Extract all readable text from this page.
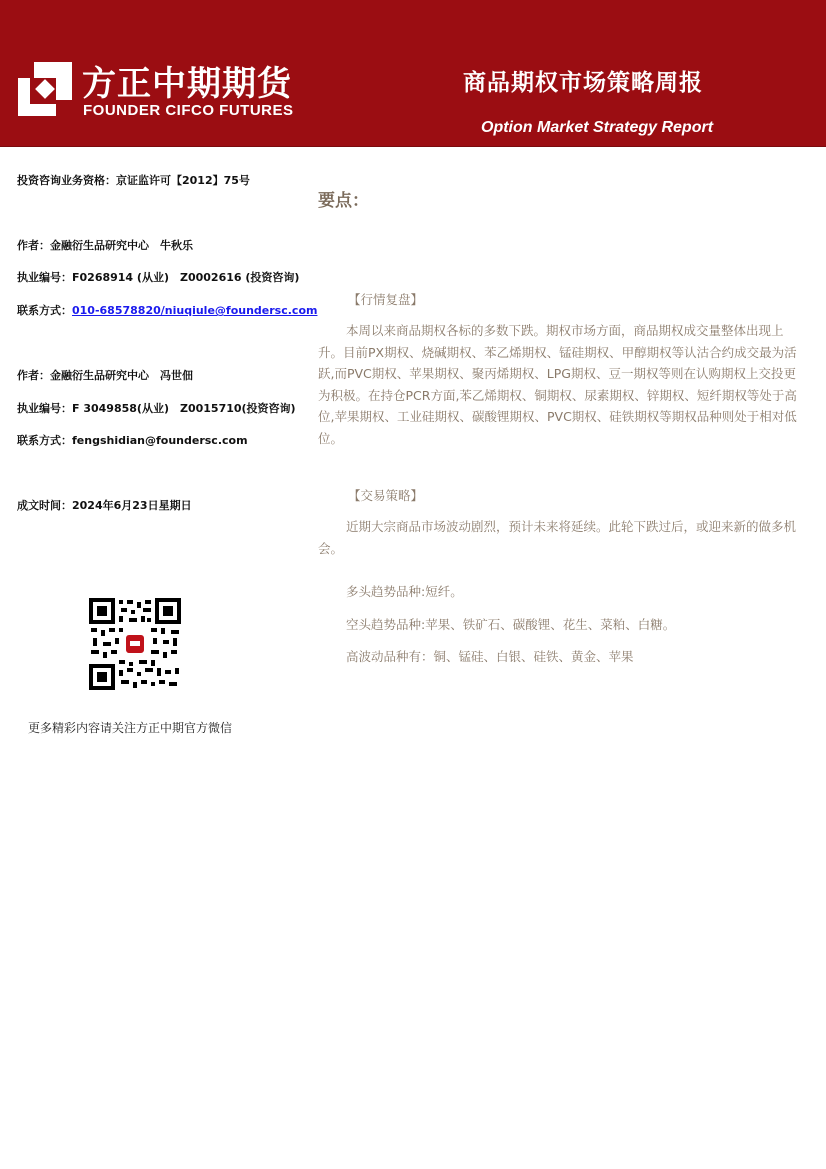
方正中期期货
FOUNDER CIFCO FUTURES
商品期权市场策略周报
Option Market Strategy Report
投资咨询业务资格：京证监许可【2012】75号
作者：金融衍生品研究中心　牛秋乐
执业编号：F0268914 (从业)　Z0002616 (投资咨询)
联系方式：010-68578820/niuqiule@foundersc.com
作者：金融衍生品研究中心　冯世佃
执业编号：F 3049858(从业)　Z0015710(投资咨询)
联系方式：fengshidian@foundersc.com
成文时间：2024年6月23日星期日
更多精彩内容请关注方正中期官方微信
要点：
【行情复盘】
本周以来商品期权各标的多数下跌。期权市场方面，商品期权成交量整体出现上升。目前PX期权、烧碱期权、苯乙烯期权、锰硅期权、甲醇期权等认沽合约成交最为活跃,而PVC期权、苹果期权、聚丙烯期权、LPG期权、豆一期权等则在认购期权上交投更为积极。在持仓PCR方面,苯乙烯期权、铜期权、尿素期权、锌期权、短纤期权等处于高位,苹果期权、工业硅期权、碳酸锂期权、PVC期权、硅铁期权等期权品种则处于相对低位。
【交易策略】
近期大宗商品市场波动剧烈，预计未来将延续。此轮下跌过后，或迎来新的做多机会。
多头趋势品种:短纤。
空头趋势品种:苹果、铁矿石、碳酸锂、花生、菜粕、白糖。
高波动品种有：铜、锰硅、白银、硅铁、黄金、苹果
